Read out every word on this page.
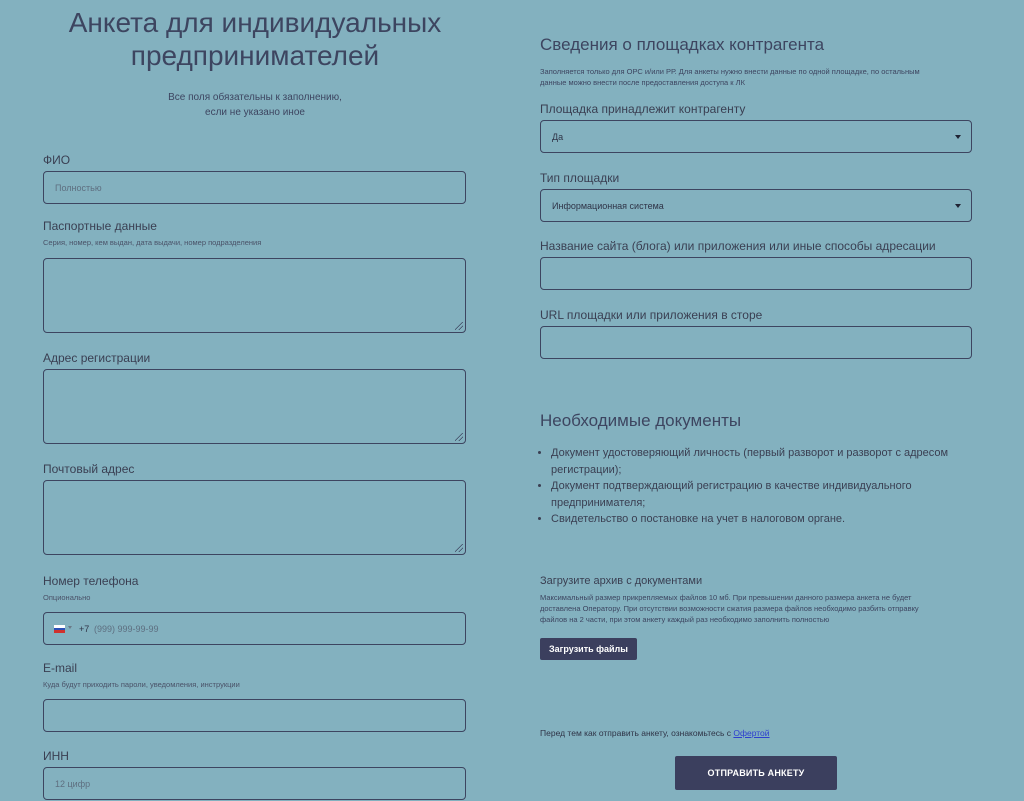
Анкета для индивидуальных
предпринимателей
Все поля обязательны к заполнению,
если не указано иное
ФИО
Полностью
Паспортные данные
Серия, номер, кем выдан, дата выдачи, номер подразделения
Адрес регистрации
Почтовый адрес
Номер телефона
Опционально
+7 (999) 999-99-99
E-mail
Куда будут приходить пароли, уведомления, инструкции
ИНН
12 цифр
Сведения о площадках контрагента
Заполняется только для ОРС и/или РР. Для анкеты нужно внести данные по одной площадке, по остальным
данные можно внести после предоставления доступа к ЛК
Площадка принадлежит контрагенту
Да
Тип площадки
Информационная система
Название сайта (блога) или приложения или иные способы адресации
URL площадки или приложения в сторе
Необходимые документы
• Документ удостоверяющий личность (первый разворот и разворот с адресом регистрации);
• Документ подтверждающий регистрацию в качестве индивидуального предпринимателя;
• Свидетельство о постановке на учет в налоговом органе.
Загрузите архив с документами
Максимальный размер прикрепляемых файлов 10 мб. При превышении данного размера анкета не будет
доставлена Оператору. При отсутствии возможности сжатия размера файлов необходимо разбить отправку
файлов на 2 части, при этом анкету каждый раз необходимо заполнить полностью
Загрузить файлы
Перед тем как отправить анкету, ознакомьтесь с Офертой
ОТПРАВИТЬ АНКЕТУ
